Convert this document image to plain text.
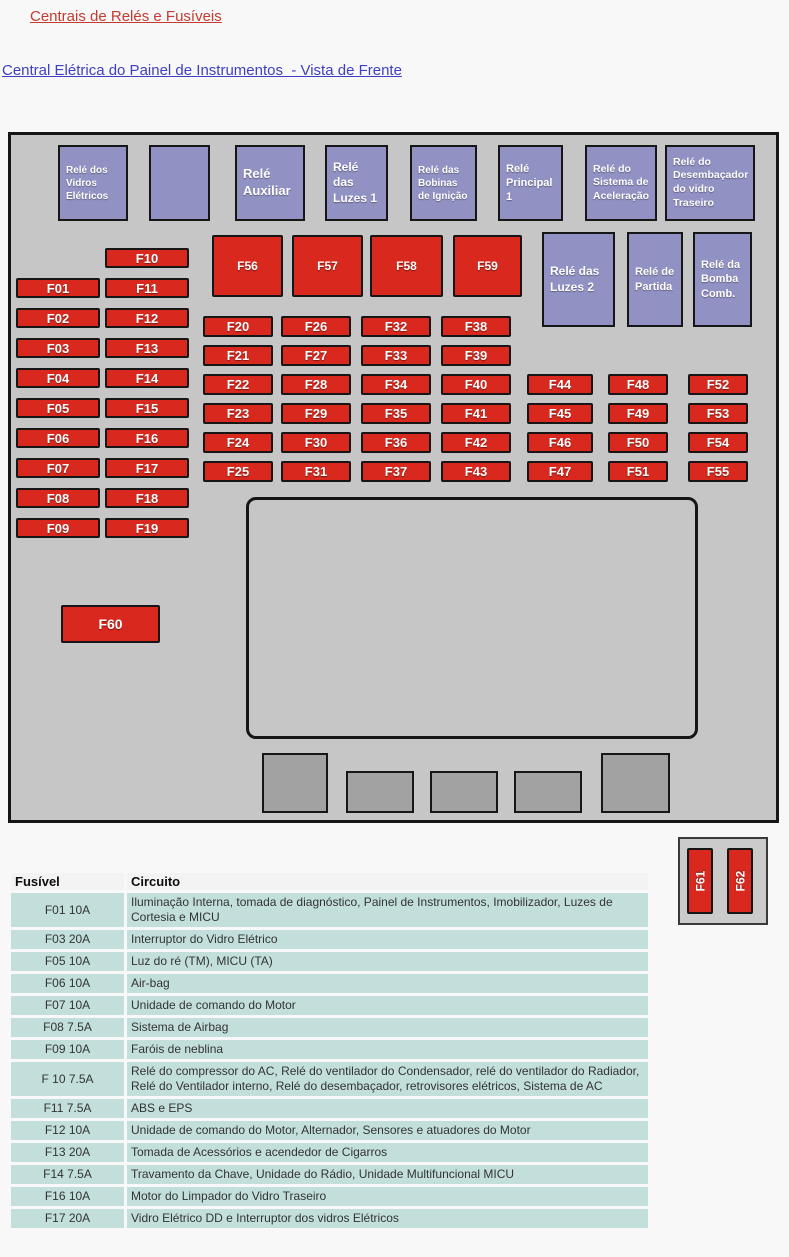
Centrais de Relés e Fusíveis
Central Elétrica do Painel de Instrumentos  - Vista de Frente
Relé dos Vidros Elétricos
Relé Auxiliar
Relé das Luzes 1
Relé das Bobinas de Ignição
Relé Principal 1
Relé do Sistema de Aceleração
Relé do Desembaçador do vidro Traseiro
Relé das Luzes 2
Relé de Partida
Relé da Bomba Comb.
F01
F02
F03
F04
F05
F06
F07
F08
F09
F10
F11
F12
F13
F14
F15
F16
F17
F18
F19
F56	F57	F58	F59
F20
F21
F22
F23
F24
F25
F26
F27
F28
F29
F30
F31
F32
F33
F34
F35
F36
F37
F38
F39
F40
F41
F42
F43
F44
F45
F46
F47
F48
F49
F50
F51
F52
F53
F54
F55
F60
F61 F62
Fusível	Circuito
F01 10A	Iluminação Interna, tomada de diagnóstico, Painel de Instrumentos, Imobilizador, Luzes de Cortesia e MICU
F03 20A	Interruptor do Vidro Elétrico
F05 10A	Luz do ré (TM), MICU (TA)
F06 10A	Air-bag
F07 10A	Unidade de comando do Motor
F08 7.5A	Sistema de Airbag
F09 10A	Faróis de neblina
F 10 7.5A	Relé do compressor do AC, Relé do ventilador do Condensador, relé do ventilador do Radiador, Relé do Ventilador interno, Relé do desembaçador, retrovisores elétricos, Sistema de AC
F11 7.5A	ABS e EPS
F12 10A	Unidade de comando do Motor, Alternador, Sensores e atuadores do Motor
F13 20A	Tomada de Acessórios e acendedor de Cigarros
F14 7.5A	Travamento da Chave, Unidade do Rádio, Unidade Multifuncional MICU
F16 10A	Motor do Limpador do Vidro Traseiro
F17 20A	Vidro Elétrico DD e Interruptor dos vidros Elétricos
